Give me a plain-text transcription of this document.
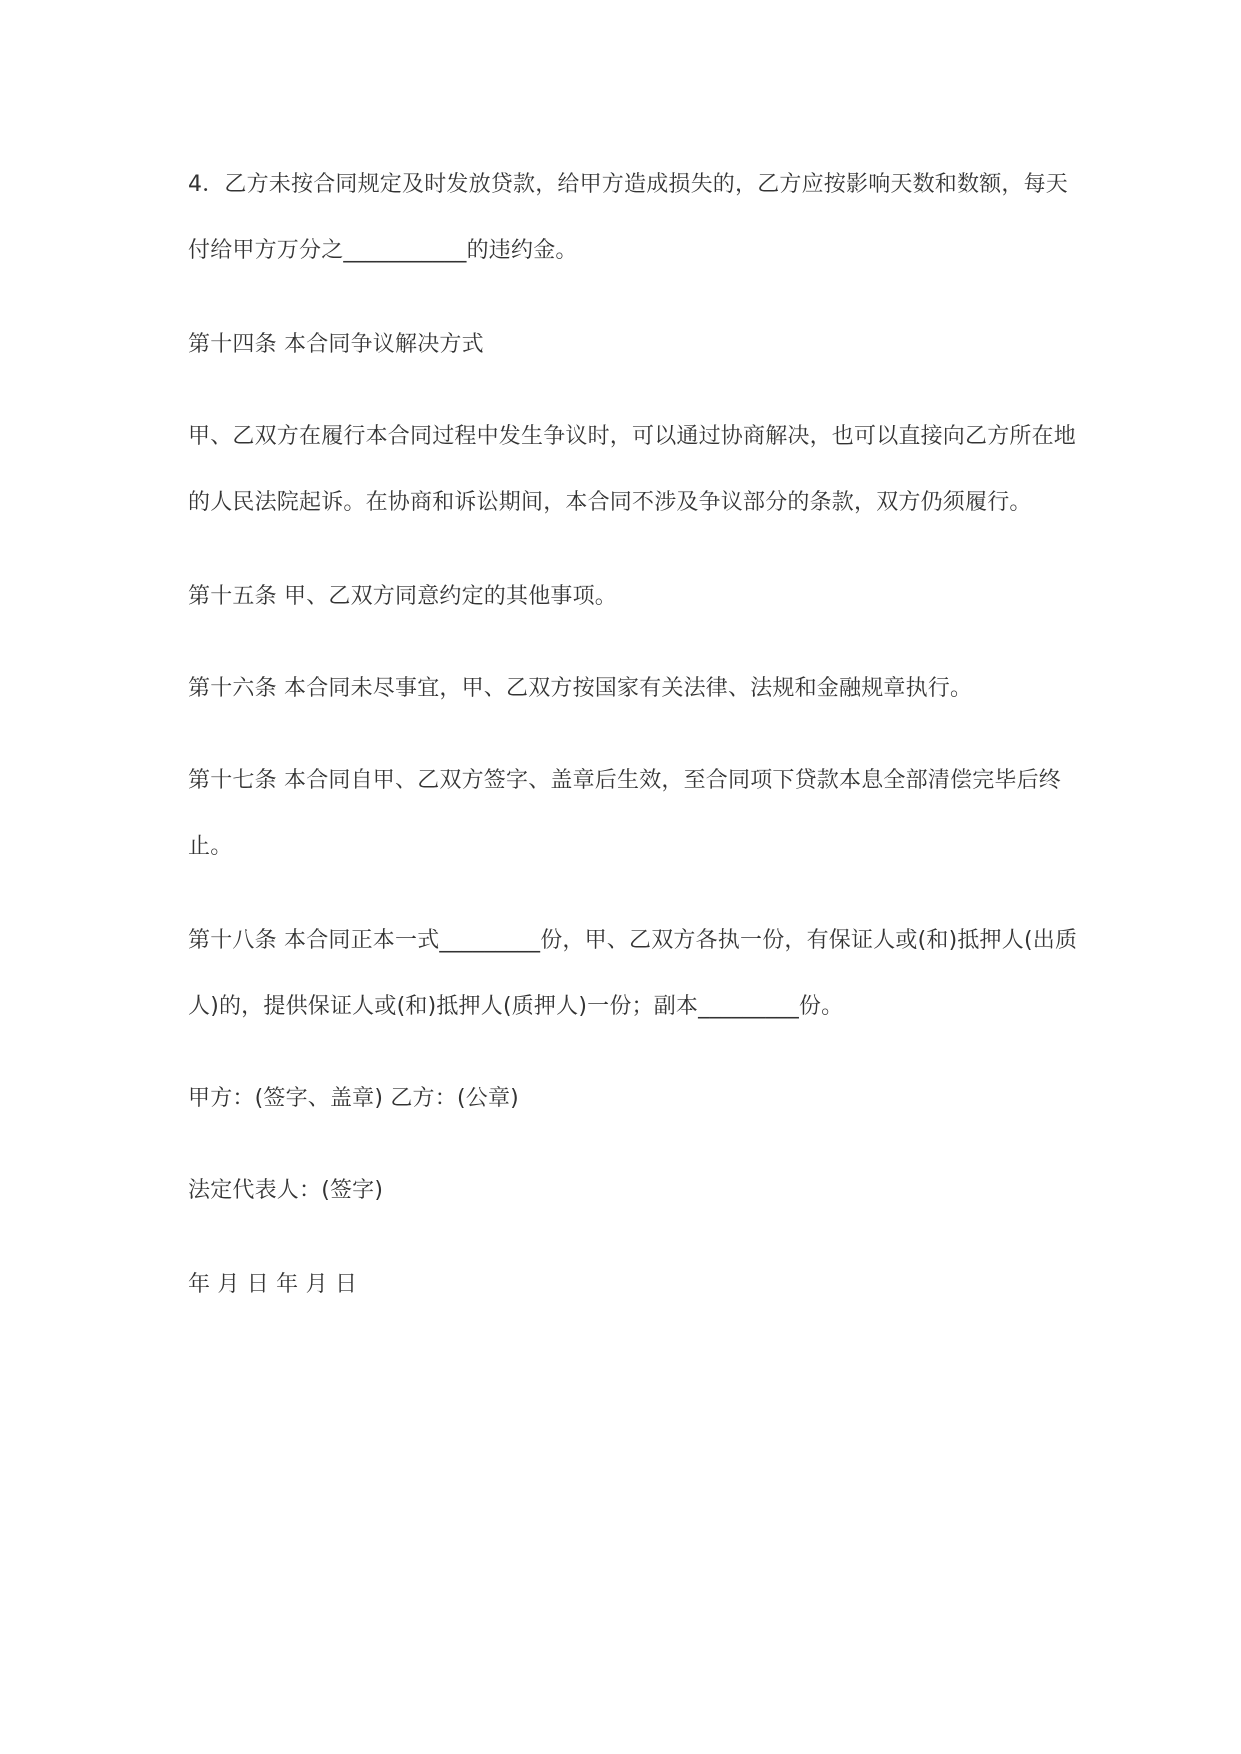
4．乙方未按合同规定及时发放贷款，给甲方造成损失的，乙方应按影响天数和数额，每天
付给甲方万分之___________的违约金。
第十四条 本合同争议解决方式
甲、乙双方在履行本合同过程中发生争议时，可以通过协商解决，也可以直接向乙方所在地
的人民法院起诉。在协商和诉讼期间，本合同不涉及争议部分的条款，双方仍须履行。
第十五条 甲、乙双方同意约定的其他事项。
第十六条 本合同未尽事宜，甲、乙双方按国家有关法律、法规和金融规章执行。
第十七条 本合同自甲、乙双方签字、盖章后生效，至合同项下贷款本息全部清偿完毕后终
止。
第十八条 本合同正本一式_________份，甲、乙双方各执一份，有保证人或(和)抵押人(出质
人)的，提供保证人或(和)抵押人(质押人)一份；副本_________份。
甲方：(签字、盖章) 乙方：(公章)
法定代表人：(签字)
年 月 日 年 月 日
